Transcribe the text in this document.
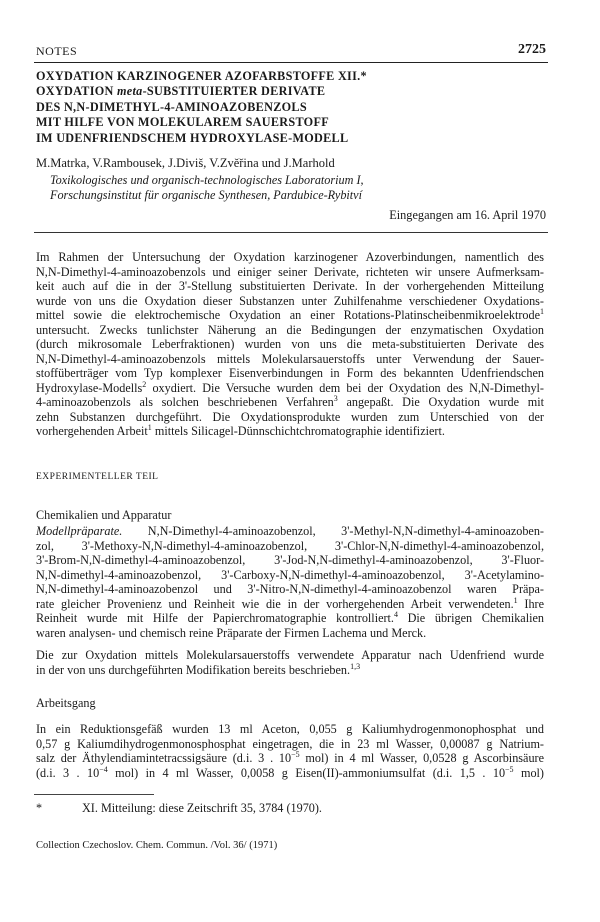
NOTES	2725
OXYDATION KARZINOGENER AZOFARBSTOFFE XII.*
OXYDATION meta-SUBSTITUIERTER DERIVATE
DES N,N-DIMETHYL-4-AMINOAZOBENZOLS
MIT HILFE VON MOLEKULAREM SAUERSTOFF
IM UDENFRIENDSCHEM HYDROXYLASE-MODELL
M.Matrka, V.Rambousek, J.Diviš, V.Zvěřina und J.Marhold
Toxikologisches und organisch-technologisches Laboratorium I,
Forschungsinstitut für organische Synthesen, Pardubice-Rybitví
Eingegangen am 16. April 1970
Im Rahmen der Untersuchung der Oxydation karzinogener Azoverbindungen, namentlich des
N,N-Dimethyl-4-aminoazobenzols und einiger seiner Derivate, richteten wir unsere Aufmerksam-
keit auch auf die in der 3'-Stellung substituierten Derivate. In der vorhergehenden Mitteilung
wurde von uns die Oxydation dieser Substanzen unter Zuhilfenahme verschiedener Oxydations-
mittel sowie die elektrochemische Oxydation an einer Rotations-Platinscheibenmikroelektrode$^1$
untersucht. Zwecks tunlichster Näherung an die Bedingungen der enzymatischen Oxydation
(durch mikrosomale Leberfraktionen) wurden von uns die meta-substituierten Derivate des
N,N-Dimethyl-4-aminoazobenzols mittels Molekularsauerstoffs unter Verwendung der Sauer-
stoffüberträger vom Typ komplexer Eisenverbindungen in Form des bekannten Udenfriendschen
Hydroxylase-Modells$^2$ oxydiert. Die Versuche wurden dem bei der Oxydation des N,N-Dimethyl-
4-aminoazobenzols als solchen beschriebenen Verfahren$^3$ angepaßt. Die Oxydation wurde mit
zehn Substanzen durchgeführt. Die Oxydationsprodukte wurden zum Unterschied von der
vorhergehenden Arbeit$^1$ mittels Silicagel-Dünnschichtchromatographie identifiziert.
EXPERIMENTELLER TEIL
Chemikalien und Apparatur
Modellpräparate. N,N-Dimethyl-4-aminoazobenzol, 3'-Methyl-N,N-dimethyl-4-aminoazoben-
zol, 3'-Methoxy-N,N-dimethyl-4-aminoazobenzol, 3'-Chlor-N,N-dimethyl-4-aminoazobenzol,
3'-Brom-N,N-dimethyl-4-aminoazobenzol, 3'-Jod-N,N-dimethyl-4-aminoazobenzol, 3'-Fluor-
N,N-dimethyl-4-aminoazobenzol, 3'-Carboxy-N,N-dimethyl-4-aminoazobenzol, 3'-Acetylamino-
N,N-dimethyl-4-aminoazobenzol und 3'-Nitro-N,N-dimethyl-4-aminoazobenzol waren Präpa-
rate gleicher Provenienz und Reinheit wie die in der vorhergehenden Arbeit verwendeten.$^1$ Ihre
Reinheit wurde mit Hilfe der Papierchromatographie kontrolliert.$^4$ Die übrigen Chemikalien
waren analysen- und chemisch reine Präparate der Firmen Lachema und Merck.
Die zur Oxydation mittels Molekularsauerstoffs verwendete Apparatur nach Udenfriend wurde
in der von uns durchgeführten Modifikation bereits beschrieben.$^{1,3}$
Arbeitsgang
In ein Reduktionsgefäß wurden 13 ml Aceton, 0,055 g Kaliumhydrogenmonophosphat und
0,57 g Kaliumdihydrogenmonosphosphat eingetragen, die in 23 ml Wasser, 0,00087 g Natrium-
salz der Äthylendiamintetracssigsäure (d.i. 3 . $10^{-5}$ mol) in 4 ml Wasser, 0,0528 g Ascorbinsäure
(d.i. 3 . $10^{-4}$ mol) in 4 ml Wasser, 0,0058 g Eisen(II)-ammoniumsulfat (d.i. 1,5 . $10^{-5}$ mol)
*	XI. Mitteilung: diese Zeitschrift 35, 3784 (1970).
Collection Czechoslov. Chem. Commun. /Vol. 36/ (1971)
